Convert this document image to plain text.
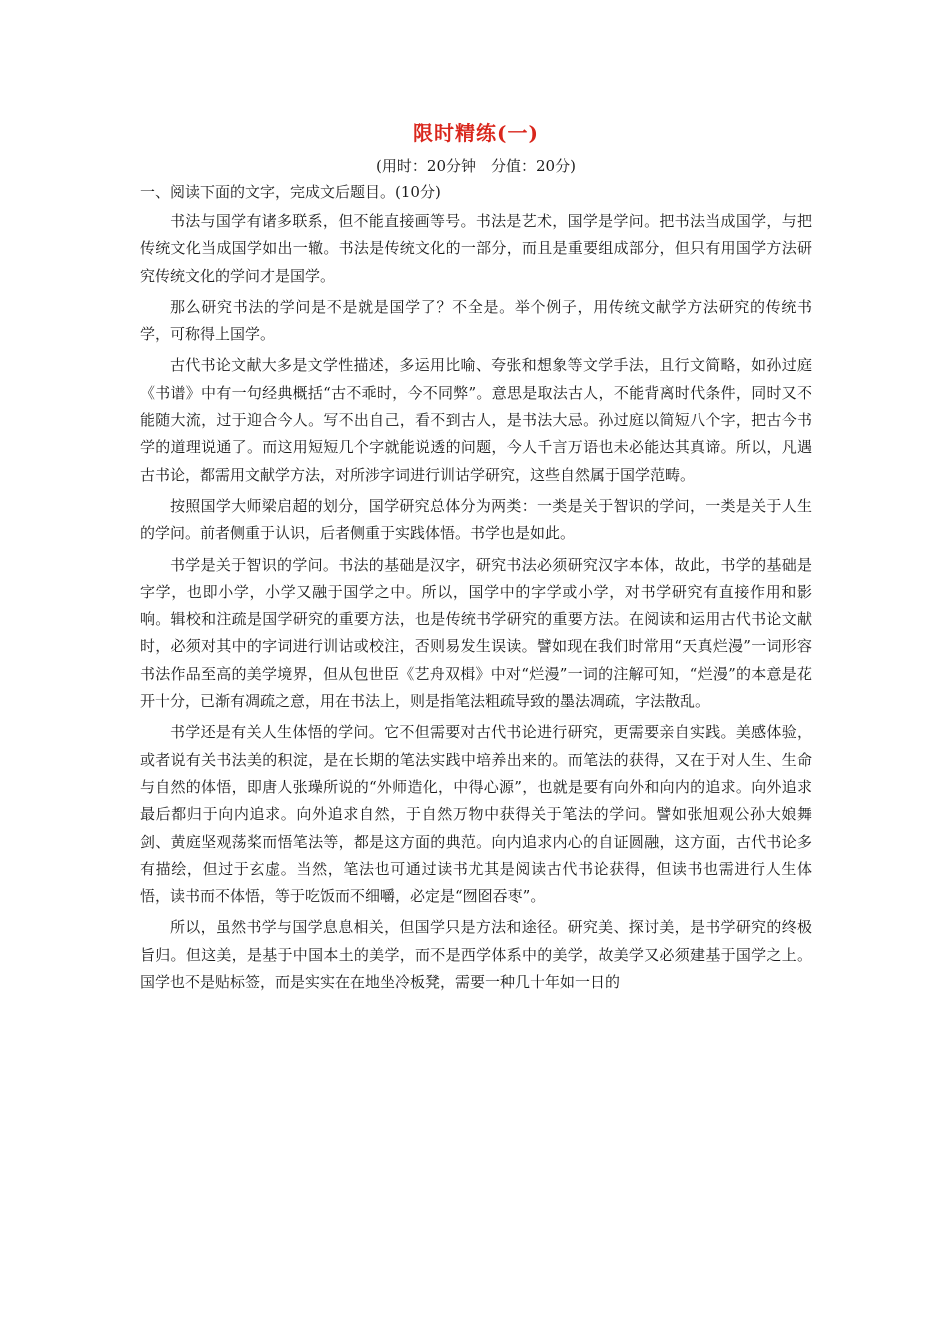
限时精练(一)

(用时：20分钟　分值：20分)

一、阅读下面的文字，完成文后题目。(10分)

书法与国学有诸多联系，但不能直接画等号。书法是艺术，国学是学问。把书法当成国学，与把传统文化当成国学如出一辙。书法是传统文化的一部分，而且是重要组成部分，但只有用国学方法研究传统文化的学问才是国学。

那么研究书法的学问是不是就是国学了？不全是。举个例子，用传统文献学方法研究的传统书学，可称得上国学。

古代书论文献大多是文学性描述，多运用比喻、夸张和想象等文学手法，且行文简略，如孙过庭《书谱》中有一句经典概括“古不乖时，今不同弊”。意思是取法古人，不能背离时代条件，同时又不能随大流，过于迎合今人。写不出自己，看不到古人，是书法大忌。孙过庭以简短八个字，把古今书学的道理说通了。而这用短短几个字就能说透的问题，今人千言万语也未必能达其真谛。所以，凡遇古书论，都需用文献学方法，对所涉字词进行训诂学研究，这些自然属于国学范畴。

按照国学大师梁启超的划分，国学研究总体分为两类：一类是关于智识的学问，一类是关于人生的学问。前者侧重于认识，后者侧重于实践体悟。书学也是如此。

书学是关于智识的学问。书法的基础是汉字，研究书法必须研究汉字本体，故此，书学的基础是字学，也即小学，小学又融于国学之中。所以，国学中的字学或小学，对书学研究有直接作用和影响。辑校和注疏是国学研究的重要方法，也是传统书学研究的重要方法。在阅读和运用古代书论文献时，必须对其中的字词进行训诂或校注，否则易发生误读。譬如现在我们时常用“天真烂漫”一词形容书法作品至高的美学境界，但从包世臣《艺舟双楫》中对“烂漫”一词的注解可知，“烂漫”的本意是花开十分，已渐有凋疏之意，用在书法上，则是指笔法粗疏导致的墨法凋疏，字法散乱。

书学还是有关人生体悟的学问。它不但需要对古代书论进行研究，更需要亲自实践。美感体验，或者说有关书法美的积淀，是在长期的笔法实践中培养出来的。而笔法的获得，又在于对人生、生命与自然的体悟，即唐人张璪所说的“外师造化，中得心源”，也就是要有向外和向内的追求。向外追求最后都归于向内追求。向外追求自然，于自然万物中获得关于笔法的学问。譬如张旭观公孙大娘舞剑、黄庭坚观荡桨而悟笔法等，都是这方面的典范。向内追求内心的自证圆融，这方面，古代书论多有描绘，但过于玄虚。当然，笔法也可通过读书尤其是阅读古代书论获得，但读书也需进行人生体悟，读书而不体悟，等于吃饭而不细嚼，必定是“囫囵吞枣”。

所以，虽然书学与国学息息相关，但国学只是方法和途径。研究美、探讨美，是书学研究的终极旨归。但这美，是基于中国本土的美学，而不是西学体系中的美学，故美学又必须建基于国学之上。国学也不是贴标签，而是实实在在地坐冷板凳，需要一种几十年如一日的
